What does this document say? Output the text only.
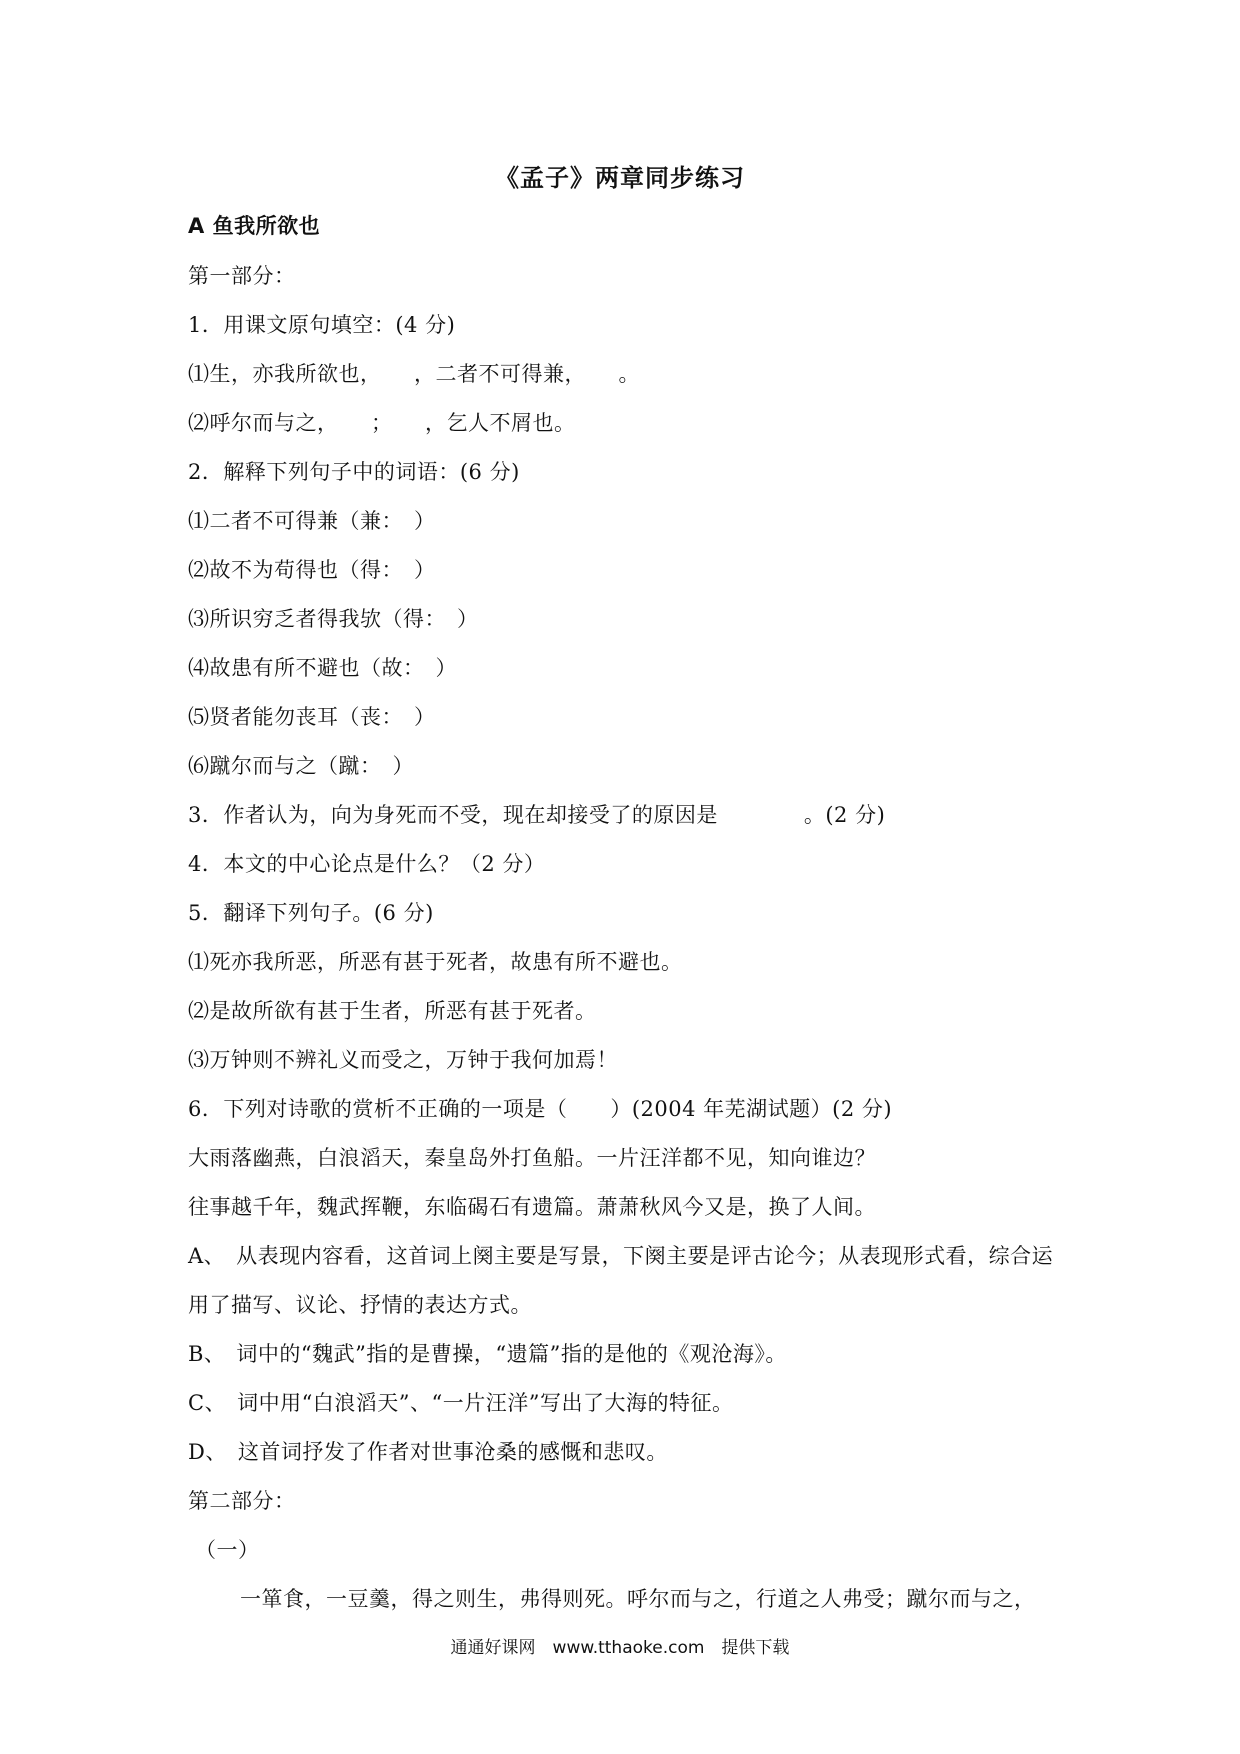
《孟子》两章同步练习
A 鱼我所欲也
第一部分：
1．用课文原句填空：(4 分)
⑴生，亦我所欲也，　　，二者不可得兼，　　。
⑵呼尔而与之，　　；　　，乞人不屑也。
2．解释下列句子中的词语：(6 分)
⑴二者不可得兼（兼：　）
⑵故不为苟得也（得：　）
⑶所识穷乏者得我欤（得：　）
⑷故患有所不避也（故：　）
⑸贤者能勿丧耳（丧：　）
⑹蹴尔而与之（蹴：　）
3．作者认为，向为身死而不受，现在却接受了的原因是　　　　。(2 分)
4．本文的中心论点是什么？（2 分）
5．翻译下列句子。(6 分)
⑴死亦我所恶，所恶有甚于死者，故患有所不避也。
⑵是故所欲有甚于生者，所恶有甚于死者。
⑶万钟则不辨礼义而受之，万钟于我何加焉！
6．下列对诗歌的赏析不正确的一项是（　　）(2004 年芜湖试题）(2 分)
大雨落幽燕，白浪滔天，秦皇岛外打鱼船。一片汪洋都不见，知向谁边？
往事越千年，魏武挥鞭，东临碣石有遗篇。萧萧秋风今又是，换了人间。
A、　从表现内容看，这首词上阕主要是写景，下阕主要是评古论今；从表现形式看，综合运
用了描写、议论、抒情的表达方式。
B、　词中的“魏武”指的是曹操，“遗篇”指的是他的《观沧海》。
C、　词中用“白浪滔天”、“一片汪洋”写出了大海的特征。
D、　这首词抒发了作者对世事沧桑的感慨和悲叹。
第二部分：
（一）
一箪食，一豆羹，得之则生，弗得则死。呼尔而与之，行道之人弗受；蹴尔而与之，
通通好课网　www.tthaoke.com　提供下载
